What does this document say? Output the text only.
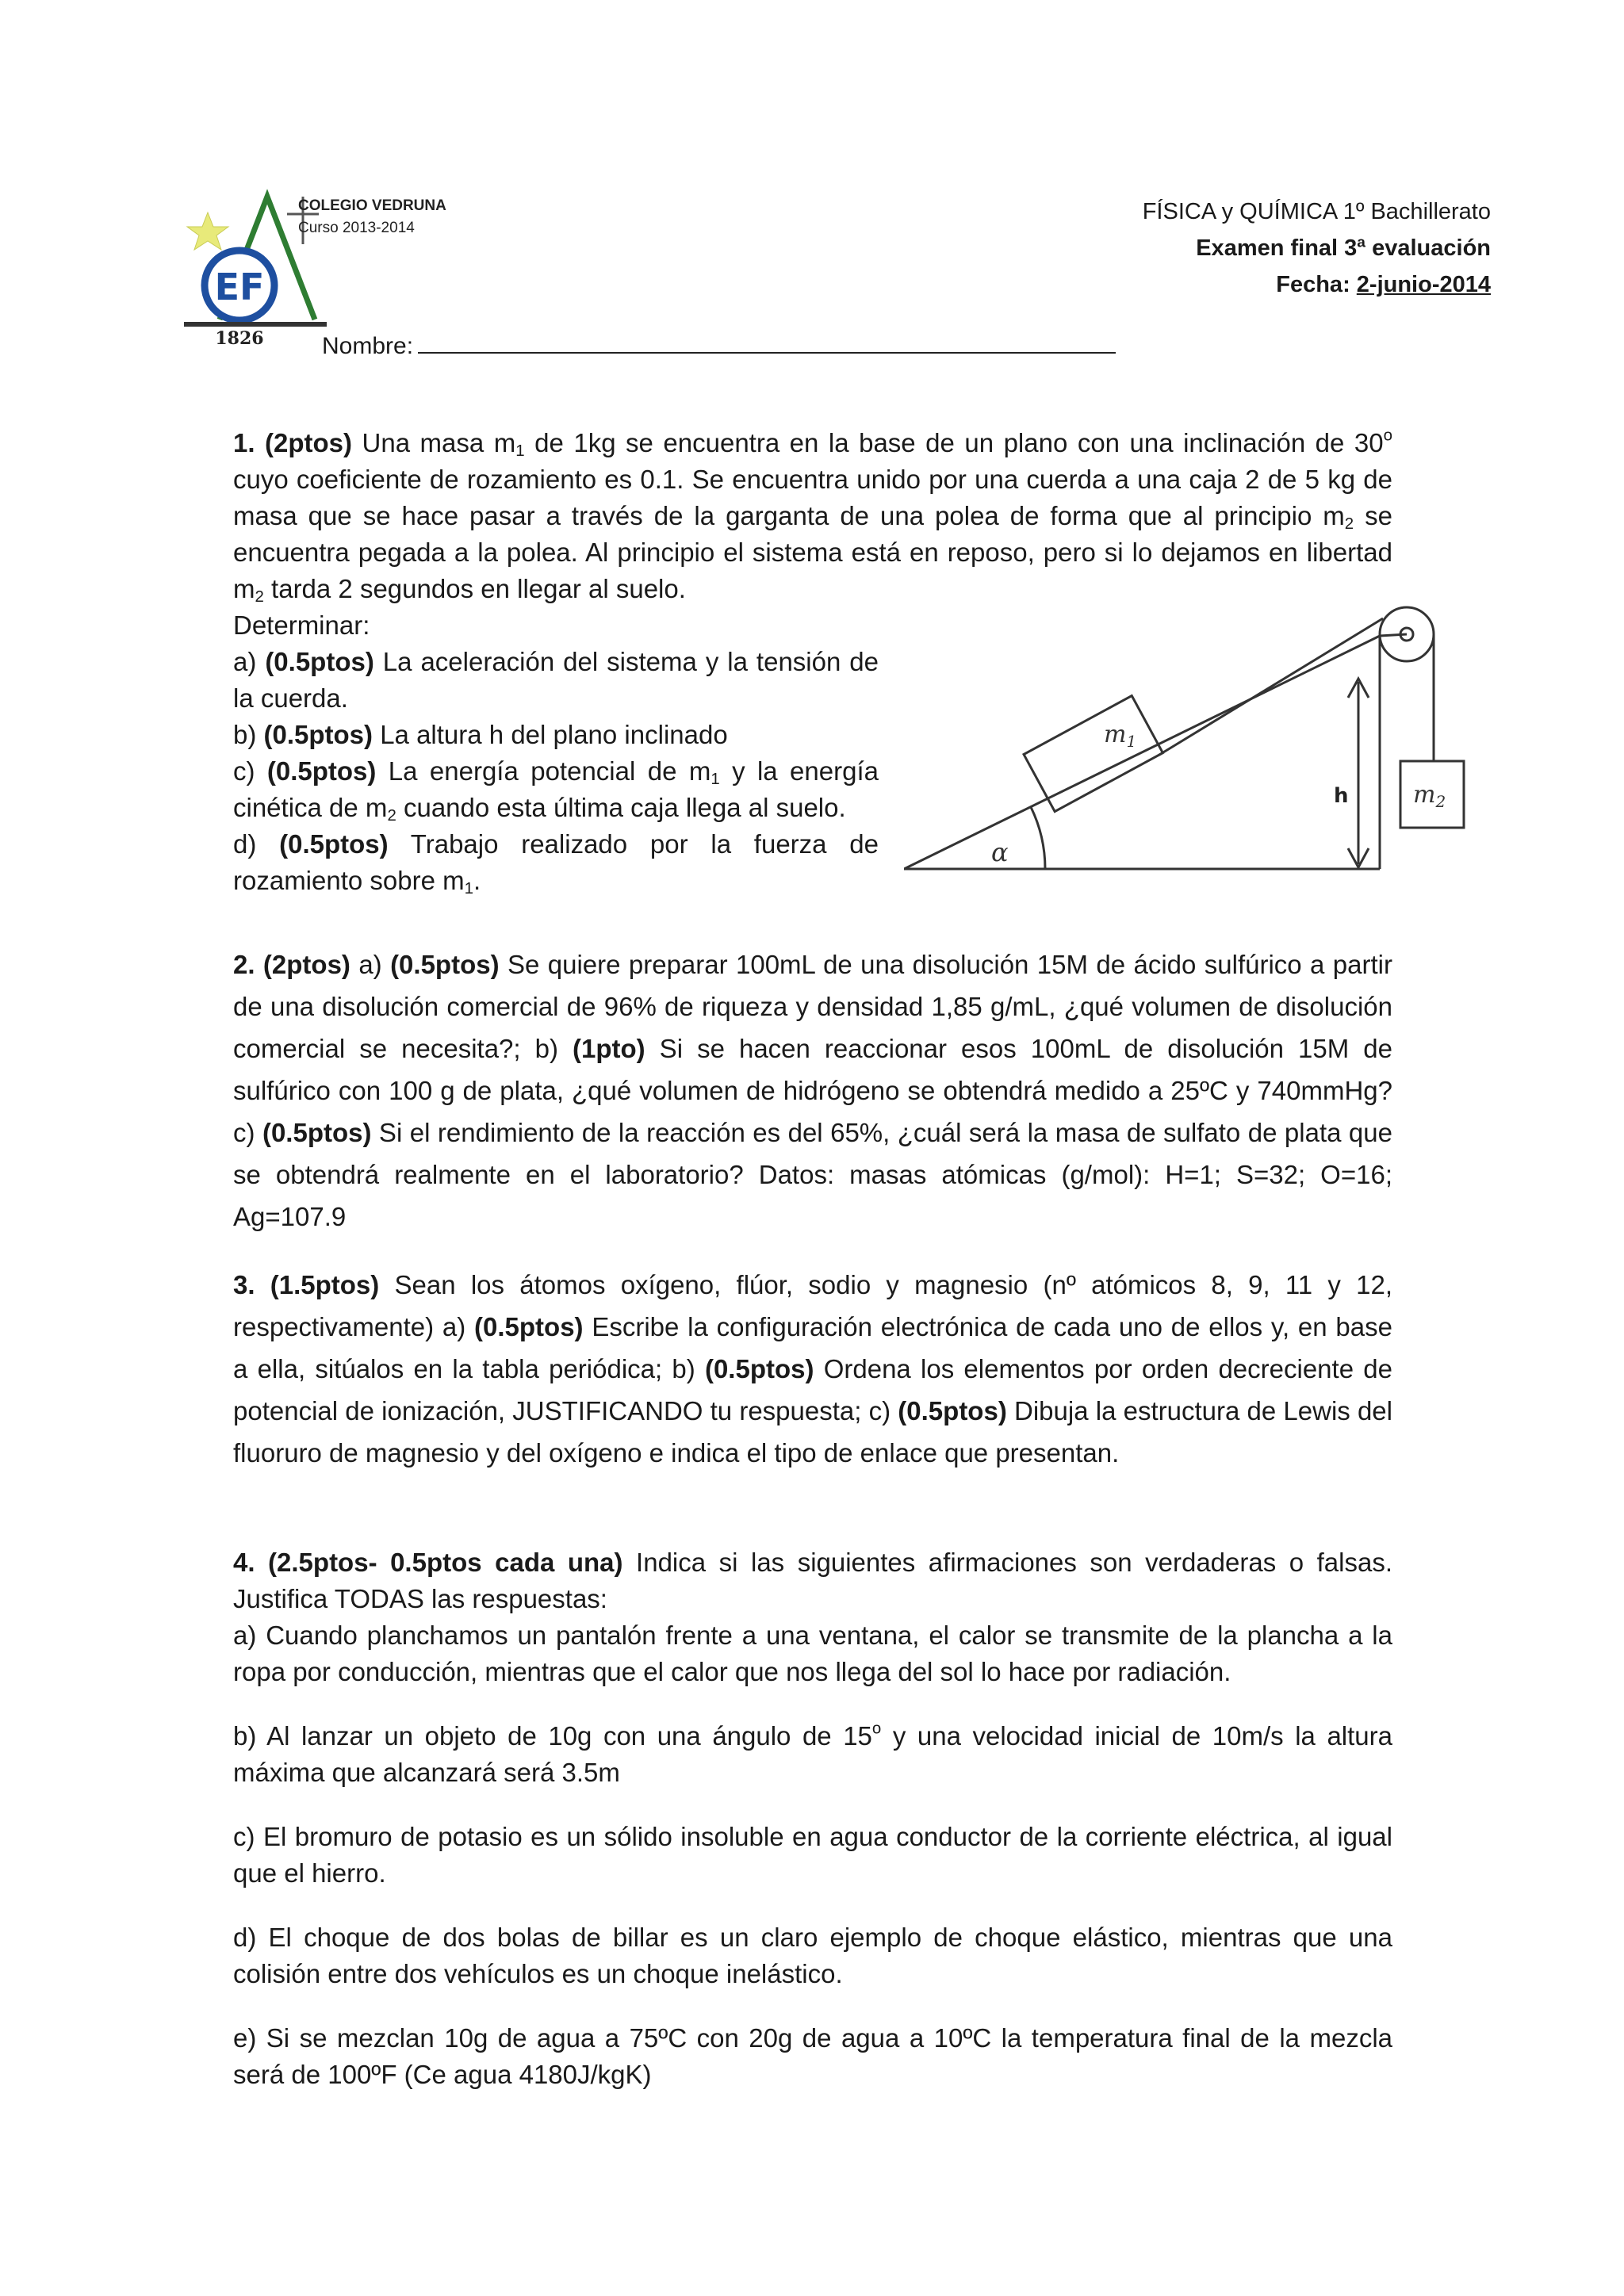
EF
1826
COLEGIO VEDRUNA
Curso 2013-2014
FÍSICA y QUÍMICA 1º Bachillerato
Examen final 3ª evaluación
Fecha: 2-junio-2014
Nombre:
1. (2ptos) Una masa $m_1$ de 1kg se encuentra en la base de un plano con una inclinación de 30$^o$ cuyo coeficiente de rozamiento es 0.1. Se encuentra unido por una cuerda a una caja 2 de 5 kg de masa que se hace pasar a través de la garganta de una polea de forma que al principio $m_2$ se encuentra pegada a la polea. Al principio el sistema está en reposo, pero si lo dejamos en libertad $m_2$ tarda 2 segundos en llegar al suelo.
Determinar:
a) (0.5ptos) La aceleración del sistema y la tensión de la cuerda.
b) (0.5ptos) La altura h del plano inclinado
c) (0.5ptos) La energía potencial de $m_1$ y la energía cinética de $m_2$ cuando esta última caja llega al suelo.
d) (0.5ptos) Trabajo realizado por la fuerza de rozamiento sobre $m_1$.
$m_1$
$m_2$
h
α
2. (2ptos) a) (0.5ptos) Se quiere preparar 100mL de una disolución 15M de ácido sulfúrico a partir de una disolución comercial de 96% de riqueza y densidad 1,85 g/mL, ¿qué volumen de disolución comercial se necesita?; b) (1pto) Si se hacen reaccionar esos 100mL de disolución 15M de sulfúrico con 100 g de plata, ¿qué volumen de hidrógeno se obtendrá medido a 25ºC y 740mmHg? c) (0.5ptos) Si el rendimiento de la reacción es del 65%, ¿cuál será la masa de sulfato de plata que se obtendrá realmente en el laboratorio? Datos: masas atómicas (g/mol): H=1; S=32; O=16; Ag=107.9
3. (1.5ptos) Sean los átomos oxígeno, flúor, sodio y magnesio (nº atómicos 8, 9, 11 y 12, respectivamente) a) (0.5ptos) Escribe la configuración electrónica de cada uno de ellos y, en base a ella, sitúalos en la tabla periódica; b) (0.5ptos) Ordena los elementos por orden decreciente de potencial de ionización, JUSTIFICANDO tu respuesta; c) (0.5ptos) Dibuja la estructura de Lewis del fluoruro de magnesio y del oxígeno e indica el tipo de enlace que presentan.

4. (2.5ptos- 0.5ptos cada una) Indica si las siguientes afirmaciones son verdaderas o falsas. Justifica TODAS las respuestas:

a) Cuando planchamos un pantalón frente a una ventana, el calor se transmite de la plancha a la ropa por conducción, mientras que el calor que nos llega del sol lo hace por radiación.

b) Al lanzar un objeto de 10g con una ángulo de 15$^o$ y una velocidad inicial de 10m/s la altura máxima que alcanzará será 3.5m

c) El bromuro de potasio es un sólido insoluble en agua conductor de la corriente eléctrica, al igual que el hierro.

d) El choque de dos bolas de billar es un claro ejemplo de choque elástico, mientras que una colisión entre dos vehículos es un choque inelástico.

e) Si se mezclan 10g de agua a 75ºC con 20g de agua a 10ºC la temperatura final de la mezcla será de 100ºF (Ce agua 4180J/kgK)
